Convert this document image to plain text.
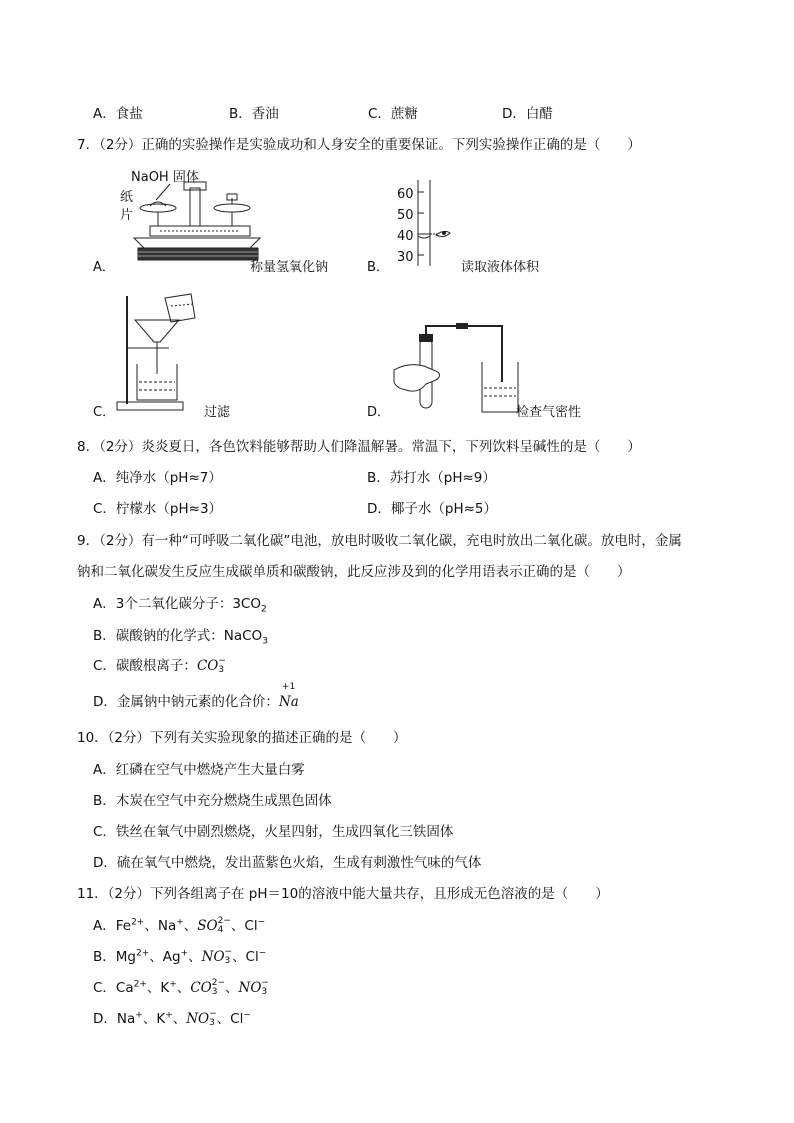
A．食盐	B．香油	C．蔗糖	D．白醋
7．（2分）正确的实验操作是实验成功和人身安全的重要保证。下列实验操作正确的是（　　）
A．
NaOH 固体
纸
片
称量氢氧化钠	B．
60
50
40
30
读取液体体积
C．	过滤	D．	检查气密性
8．（2分）炎炎夏日，各色饮料能够帮助人们降温解暑。常温下，下列饮料呈碱性的是（　　）
A．纯净水（pH≈7）	B．苏打水（pH≈9）
C．柠檬水（pH≈3）	D．椰子水（pH≈5）
9．（2分）有一种“可呼吸二氧化碳”电池，放电时吸收二氧化碳，充电时放出二氧化碳。放电时，金属
钠和二氧化碳发生反应生成碳单质和碳酸钠，此反应涉及到的化学用语表示正确的是（　　）
A．3个二氧化碳分子：$3CO_2$
B．碳酸钠的化学式：NaCO$_3$
C．碳酸根离子：CO −
3
D．金属钠中钠元素的化合价：
+1
Na
10．（2分）下列有关实验现象的描述正确的是（　　）
A．红磷在空气中燃烧产生大量白雾
B．木炭在空气中充分燃烧生成黑色固体
C．铁丝在氧气中剧烈燃烧，火星四射，生成四氧化三铁固体
D．硫在氧气中燃烧，发出蓝紫色火焰，生成有刺激性气味的气体
11．（2分）下列各组离子在 pH＝10的溶液中能大量共存，且形成无色溶液的是（　　）
A．$Fe^{2+}$、Na+、SO 2−
4 、Cl−
B．$Mg^{2+}$、Ag+、NO −
3 、Cl−
C．$Ca^{2+}$、K+、CO 2−
3 、NO −
3
D．Na+、K+、NO −
3 、Cl−
